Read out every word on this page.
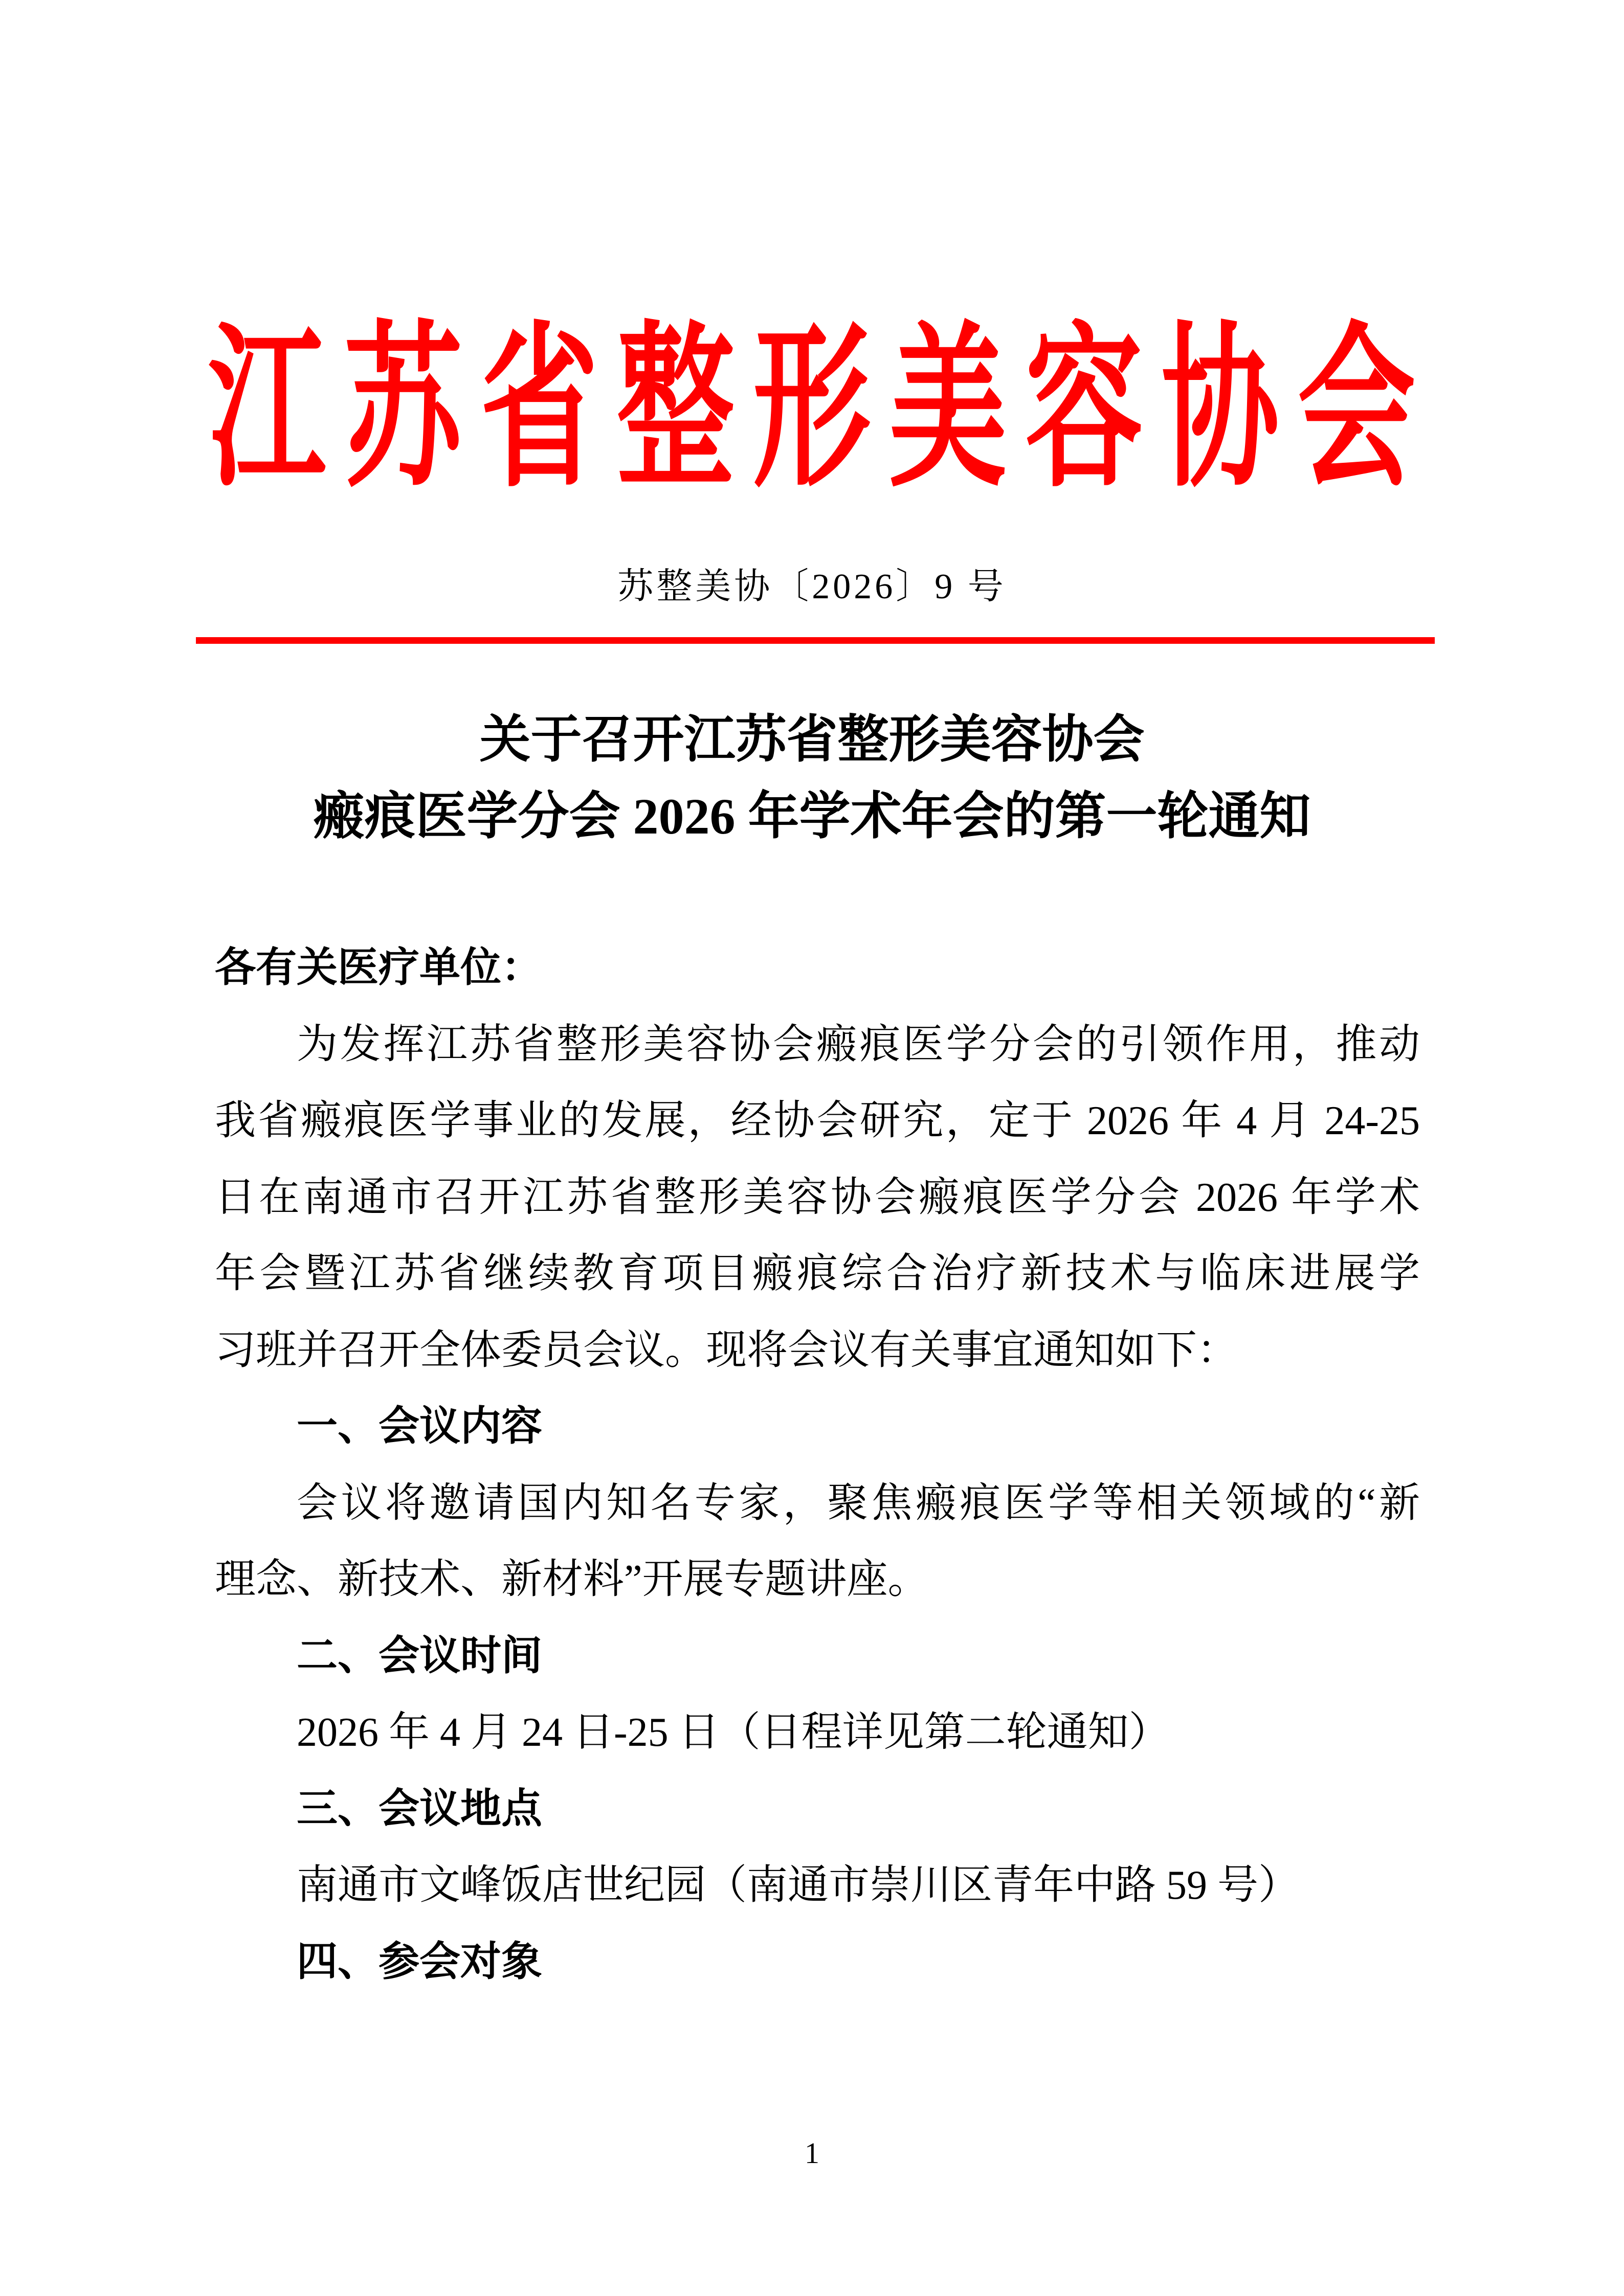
江苏省整形美容协会
苏整美协〔2026〕9 号
关于召开江苏省整形美容协会
瘢痕医学分会 2026 年学术年会的第一轮通知
各有关医疗单位：
为发挥江苏省整形美容协会瘢痕医学分会的引领作用，推动
我省瘢痕医学事业的发展，经协会研究，定于 2026 年 4 月 24-25
日在南通市召开江苏省整形美容协会瘢痕医学分会 2026 年学术
年会暨江苏省继续教育项目瘢痕综合治疗新技术与临床进展学
习班并召开全体委员会议。现将会议有关事宜通知如下：
一、会议内容
会议将邀请国内知名专家，聚焦瘢痕医学等相关领域的“新
理念、新技术、新材料”开展专题讲座。
二、会议时间
2026 年 4 月 24 日-25 日（日程详见第二轮通知）
三、会议地点
南通市文峰饭店世纪园（南通市崇川区青年中路 59 号）
四、参会对象
1
